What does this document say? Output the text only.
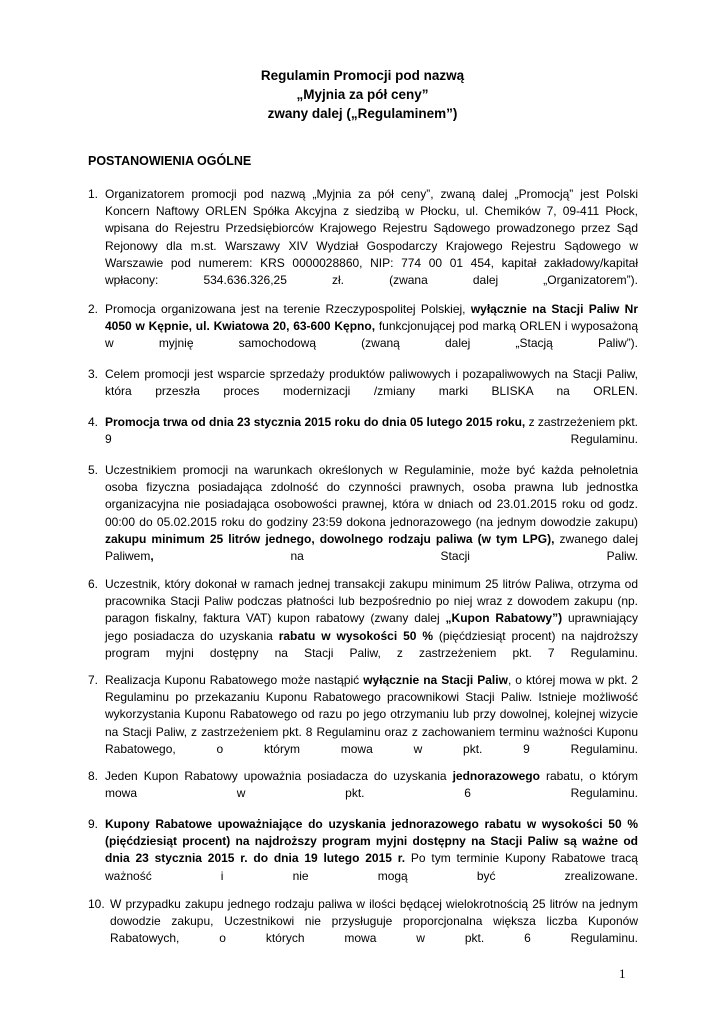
Regulamin Promocji pod nazwą
„Myjnia za pół ceny”
zwany dalej („Regulaminem”)
POSTANOWIENIA OGÓLNE
1. Organizatorem promocji pod nazwą „Myjnia za pół ceny”, zwaną dalej „Promocją” jest Polski Koncern Naftowy ORLEN Spółka Akcyjna z siedzibą w Płocku, ul. Chemików 7, 09-411 Płock, wpisana do Rejestru Przedsiębiorców Krajowego Rejestru Sądowego prowadzonego przez Sąd Rejonowy dla m.st. Warszawy XIV Wydział Gospodarczy Krajowego Rejestru Sądowego w Warszawie pod numerem: KRS 0000028860, NIP: 774 00 01 454, kapitał zakładowy/kapitał wpłacony: 534.636.326,25 zł. (zwana dalej „Organizatorem”).
2. Promocja organizowana jest na terenie Rzeczypospolitej Polskiej, wyłącznie na Stacji Paliw Nr 4050 w Kępnie, ul. Kwiatowa 20, 63-600 Kępno, funkcjonującej pod marką ORLEN i wyposażoną w myjnię samochodową (zwaną dalej „Stacją Paliw”).
3. Celem promocji jest wsparcie sprzedaży produktów paliwowych i pozapaliwowych na Stacji Paliw, która przeszła proces modernizacji /zmiany marki BLISKA na ORLEN.
4. Promocja trwa od dnia 23 stycznia 2015 roku do dnia 05 lutego 2015 roku, z zastrzeżeniem pkt. 9 Regulaminu.
5. Uczestnikiem promocji na warunkach określonych w Regulaminie, może być każda pełnoletnia osoba fizyczna posiadająca zdolność do czynności prawnych, osoba prawna lub jednostka organizacyjna nie posiadająca osobowości prawnej, która w dniach od 23.01.2015 roku od godz. 00:00 do 05.02.2015 roku do godziny 23:59 dokona jednorazowego (na jednym dowodzie zakupu) zakupu minimum 25 litrów jednego, dowolnego rodzaju paliwa (w tym LPG), zwanego dalej Paliwem, na Stacji Paliw.
6. Uczestnik, który dokonał w ramach jednej transakcji zakupu minimum 25 litrów Paliwa, otrzyma od pracownika Stacji Paliw podczas płatności lub bezpośrednio po niej wraz z dowodem zakupu (np. paragon fiskalny, faktura VAT) kupon rabatowy (zwany dalej „Kupon Rabatowy”) uprawniający jego posiadacza do uzyskania rabatu w wysokości 50 % (pięćdziesiąt procent) na najdroższy program myjni dostępny na Stacji Paliw, z zastrzeżeniem pkt. 7 Regulaminu.
7. Realizacja Kuponu Rabatowego może nastąpić wyłącznie na Stacji Paliw, o której mowa w pkt. 2 Regulaminu po przekazaniu Kuponu Rabatowego pracownikowi Stacji Paliw. Istnieje możliwość wykorzystania Kuponu Rabatowego od razu po jego otrzymaniu lub przy dowolnej, kolejnej wizycie na Stacji Paliw, z zastrzeżeniem pkt. 8 Regulaminu oraz z zachowaniem terminu ważności Kuponu Rabatowego, o którym mowa w pkt. 9 Regulaminu.
8. Jeden Kupon Rabatowy upoważnia posiadacza do uzyskania jednorazowego rabatu, o którym mowa w pkt. 6 Regulaminu.
9. Kupony Rabatowe upoważniające do uzyskania jednorazowego rabatu w wysokości 50 % (pięćdziesiąt procent) na najdroższy program myjni dostępny na Stacji Paliw są ważne od dnia 23 stycznia 2015 r. do dnia 19 lutego 2015 r. Po tym terminie Kupony Rabatowe tracą ważność i nie mogą być zrealizowane.
10. W przypadku zakupu jednego rodzaju paliwa w ilości będącej wielokrotnością 25 litrów na jednym dowodzie zakupu, Uczestnikowi nie przysługuje proporcjonalna większa liczba Kuponów Rabatowych, o których mowa w pkt. 6 Regulaminu.
1
